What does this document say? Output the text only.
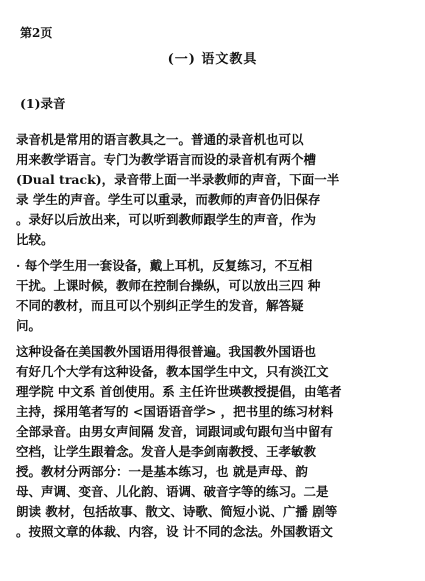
第2页
(一) 语文教具
(1)录音
录音机是常用的语言教具之一。普通的录音机也可以
用来教学语言。专门为教学语言而设的录音机有两个槽
(Dual track)，录音带上面一半录教师的声音，下面一半
录 学生的声音。学生可以重录，而教师的声音仍旧保存
。录好以后放出来，可以听到教师跟学生的声音，作为
比较。
· 每个学生用一套设备，戴上耳机，反复练习，不互相
干扰。上课时候，教师在控制台操纵，可以放出三四 种
不同的教材，而且可以个别纠正学生的发音，解答疑
问。
这种设备在美国教外国语用得很普遍。我国教外国语也
有好几个大学有这种设备，教本国学生中文，只有淡江文
理学院 中文系 首创使用。系 主任许世瑛教授提倡，由笔者
主持，採用笔者写的 <国语语音学> ，把书里的练习材料
全部录音。由男女声间隔 发音，词跟词或句跟句当中留有
空档，让学生跟着念。发音人是李剑南教授、王孝敏教
授。教材分两部分：一是基本练习，也 就是声母、韵
母、声调、变音、儿化韵、语调、破音字等的练习。二是
朗读 教材，包括故事、散文、诗歌、简短小说、广播 剧等
。按照文章的体裁、内容，设 计不同的念法。外国教语文
